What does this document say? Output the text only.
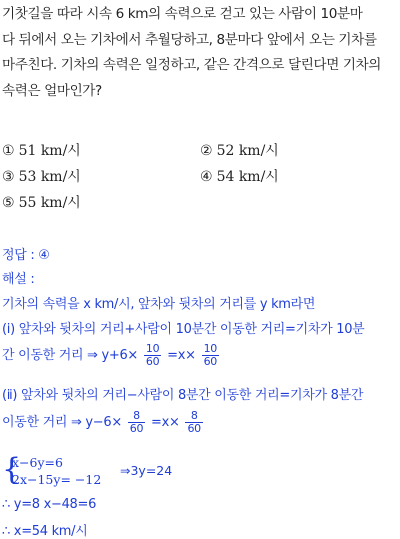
기찻길을 따라 시속 6 km의 속력으로 걷고 있는 사람이 10분마
다 뒤에서 오는 기차에서 추월당하고, 8분마다 앞에서 오는 기차를
마주친다. 기차의 속력은 일정하고, 같은 간격으로 달린다면 기차의
속력은 얼마인가?
① 51 km/시	② 52 km/시
③ 53 km/시	④ 54 km/시
⑤ 55 km/시
정답 : ④
해설 :
기차의 속력을 x km/시, 앞차와 뒷차의 거리를 y km라면
(ⅰ) 앞차와 뒷차의 거리+사람이 10분간 이동한 거리=기차가 10분
간 이동한 거리 ⇒ $y+6\times \frac{10}{60} =x\times \frac{10}{60}$
(ⅱ) 앞차와 뒷차의 거리−사람이 8분간 이동한 거리=기차가 8분간
이동한 거리 ⇒ $y-6\times \frac{8}{60} =x\times \frac{8}{60}$
{
x−6y=6
2x−15y= −12
⇒3y=24
∴ y=8 x−48=6
∴ x=54 km/시
